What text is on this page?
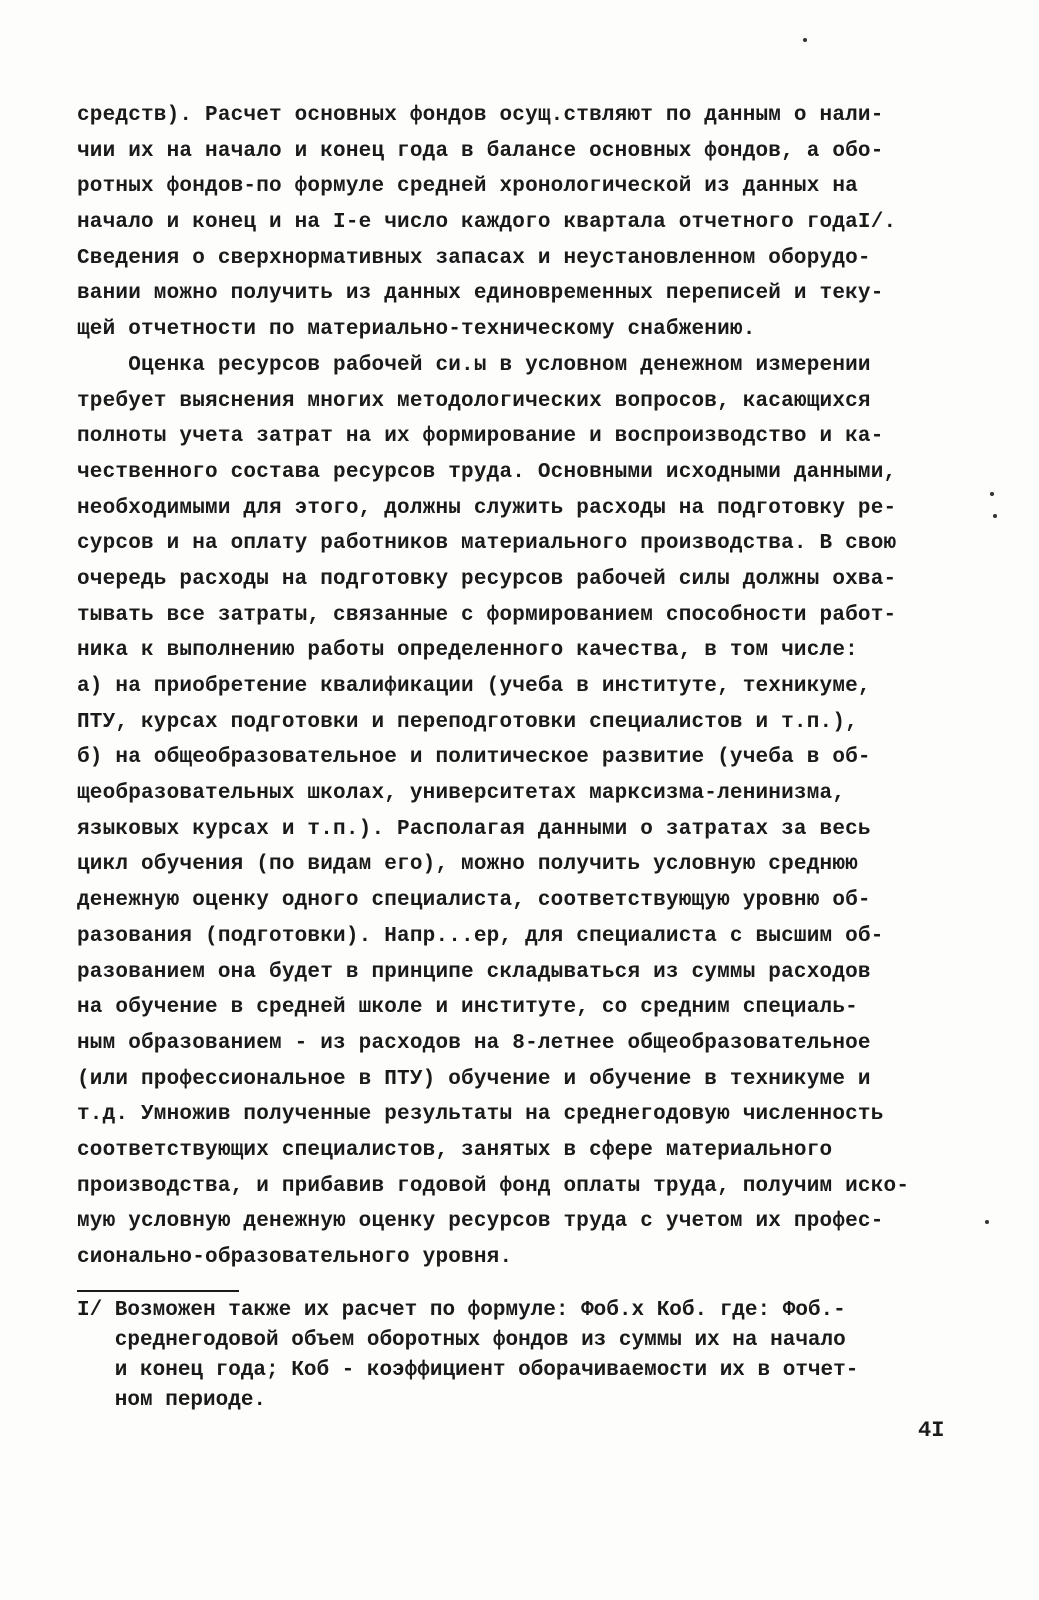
средств). Расчет основных фондов осущ.ствляют по данным о нали-
чии их на начало и конец года в балансе основных фондов, а обо-
ротных фондов-по формуле средней хронологической из данных на
начало и конец и на I-е число каждого квартала отчетного годаI/.
Сведения о сверхнормативных запасах и неустановленном оборудо-
вании можно получить из данных единовременных переписей и теку-
щей отчетности по материально-техническому снабжению.
Оценка ресурсов рабочей си.ы в условном денежном измерении
требует выяснения многих методологических вопросов, касающихся
полноты учета затрат на их формирование и воспроизводство и ка-
чественного состава ресурсов труда. Основными исходными данными,
необходимыми для этого, должны служить расходы на подготовку ре-
сурсов и на оплату работников материального производства. В свою
очередь расходы на подготовку ресурсов рабочей силы должны охва-
тывать все затраты, связанные с формированием способности работ-
ника к выполнению работы определенного качества, в том числе:
а) на приобретение квалификации (учеба в институте, техникуме,
ПТУ, курсах подготовки и переподготовки специалистов и т.п.),
б) на общеобразовательное и политическое развитие (учеба в об-
щеобразовательных школах, университетах марксизма-ленинизма,
языковых курсах и т.п.). Располагая данными о затратах за весь
цикл обучения (по видам его), можно получить условную среднюю
денежную оценку одного специалиста, соответствующую уровню об-
разования (подготовки). Напр...ер, для специалиста с высшим об-
разованием она будет в принципе складываться из суммы расходов
на обучение в средней школе и институте, со средним специаль-
ным образованием - из расходов на 8-летнее общеобразовательное
(или профессиональное в ПТУ) обучение и обучение в техникуме и
т.д. Умножив полученные результаты на среднегодовую численность
соответствующих специалистов, занятых в сфере материального
производства, и прибавив годовой фонд оплаты труда, получим иско-
мую условную денежную оценку ресурсов труда с учетом их профес-
сионально-образовательного уровня.
I/ Возможен также их расчет по формуле: Фоб.х Коб. где: Фоб.-
среднегодовой объем оборотных фондов из суммы их на начало
и конец года; Коб - коэффициент оборачиваемости их в отчет-
ном периоде.
4I
